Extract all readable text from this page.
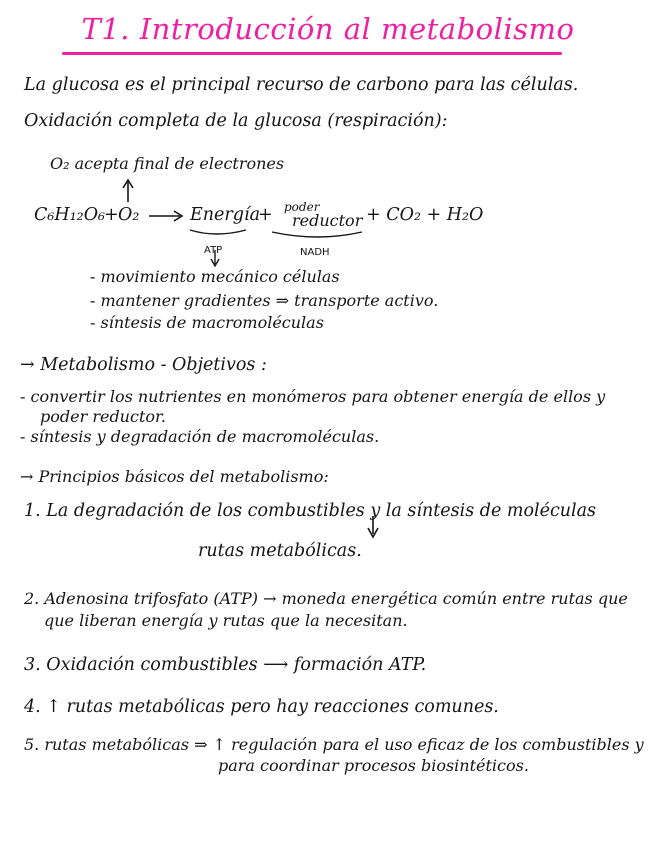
T1. Introducción al metabolismo
La glucosa es el principal recurso de carbono para las células.
Oxidación completa de la glucosa (respiración):
O₂ acepta final de electrones
C₆H₁₂O₆
+ O₂	Energía
+ poder
reductor + CO₂ + H₂O
ATP	NADH
- movimiento mecánico células
- mantener gradientes ⇒ transporte activo.
- síntesis de macromoléculas
→ Metabolismo - Objetivos :
- convertir los nutrientes en monómeros para obtener energía de ellos y
poder reductor.
- síntesis y degradación de macromoléculas.
→ Principios básicos del metabolismo:
1. La degradación de los combustibles y la síntesis de moléculas
rutas metabólicas.
2. Adenosina trifosfato (ATP) → moneda energética común entre rutas que
que liberan energía y rutas que la necesitan.
3. Oxidación combustibles ⟶ formación ATP.
4. ↑ rutas metabólicas pero hay reacciones comunes.
5. rutas metabólicas ⇒ ↑ regulación para el uso eficaz de los combustibles y
para coordinar procesos biosintéticos.
